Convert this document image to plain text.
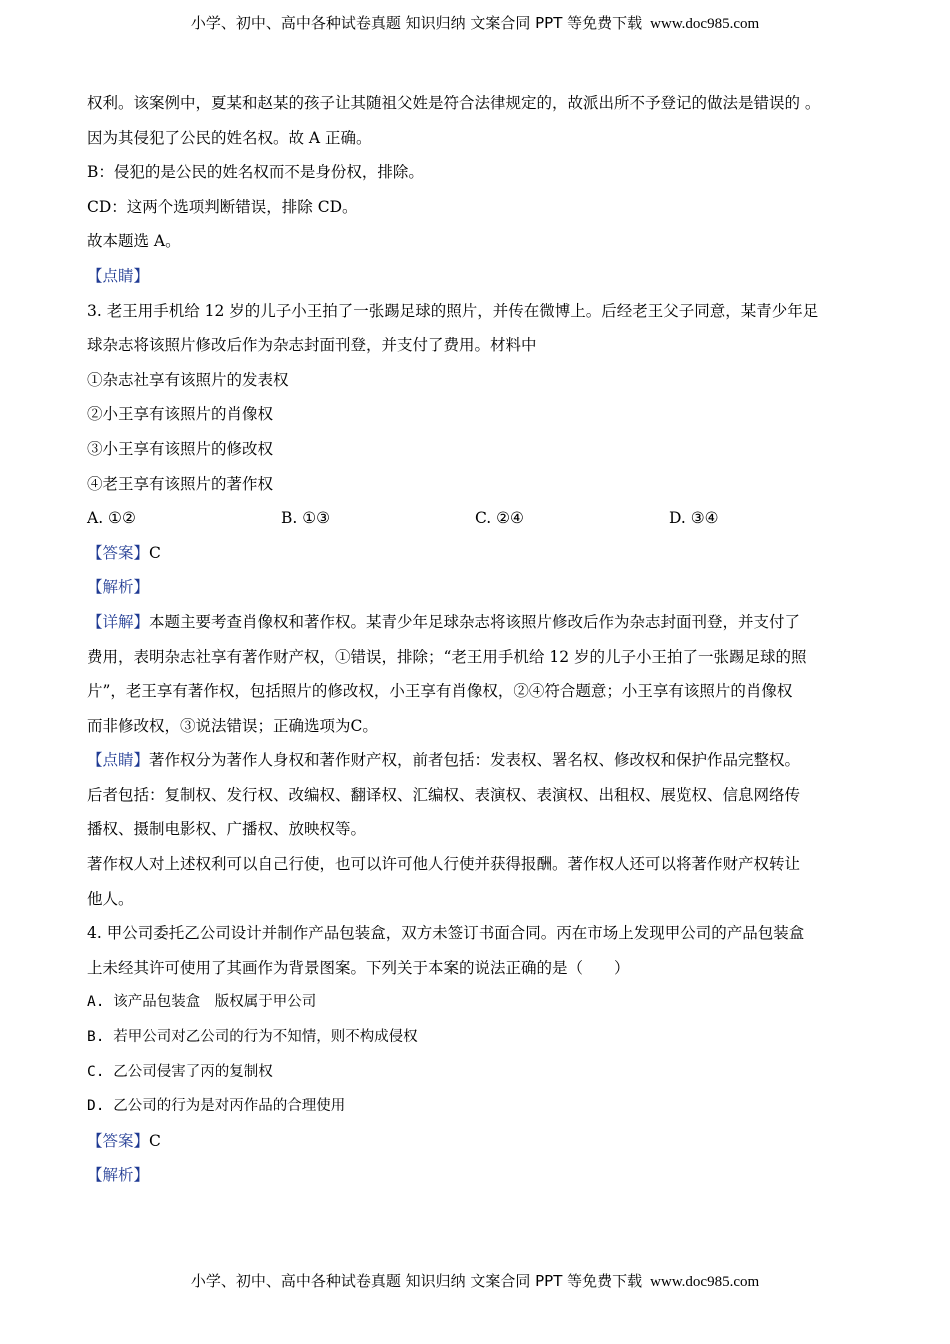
小学、初中、高中各种试卷真题 知识归纳 文案合同 PPT 等免费下载 www.doc985.com
权利。该案例中，夏某和赵某的孩子让其随祖父姓是符合法律规定的，故派出所不予登记的做法是错误的 。
因为其侵犯了公民的姓名权。故 A 正确。
B：侵犯的是公民的姓名权而不是身份权，排除。
CD：这两个选项判断错误，排除 CD。
故本题选 A。
【点睛】
3. 老王用手机给 12 岁的儿子小王拍了一张踢足球的照片，并传在微博上。后经老王父子同意，某青少年足
球杂志将该照片修改后作为杂志封面刊登，并支付了费用。材料中
①杂志社享有该照片的发表权
②小王享有该照片的肖像权
③小王享有该照片的修改权
④老王享有该照片的著作权
A. ①②	B. ①③	C. ②④	D. ③④
【答案】C
【解析】
【详解】本题主要考查肖像权和著作权。某青少年足球杂志将该照片修改后作为杂志封面刊登，并支付了
费用，表明杂志社享有著作财产权，①错误，排除；“老王用手机给 12 岁的儿子小王拍了一张踢足球的照
片”，老王享有著作权，包括照片的修改权，小王享有肖像权，②④符合题意；小王享有该照片的肖像权
而非修改权，③说法错误；正确选项为C。
【点睛】著作权分为著作人身权和著作财产权，前者包括：发表权、署名权、修改权和保护作品完整权。
后者包括：复制权、发行权、改编权、翻译权、汇编权、表演权、表演权、出租权、展览权、信息网络传
播权、摄制电影权、广播权、放映权等。
著作权人对上述权利可以自己行使，也可以许可他人行使并获得报酬。著作权人还可以将著作财产权转让
他人。
4. 甲公司委托乙公司设计并制作产品包装盒，双方未签订书面合同。丙在市场上发现甲公司的产品包装盒
上未经其许可使用了其画作为背景图案。下列关于本案的说法正确的是（　　）
A. 该产品包装盒　版权属于甲公司
B. 若甲公司对乙公司的行为不知情，则不构成侵权
C. 乙公司侵害了丙的复制权
D. 乙公司的行为是对丙作品的合理使用
【答案】C
【解析】
小学、初中、高中各种试卷真题 知识归纳 文案合同 PPT 等免费下载 www.doc985.com
